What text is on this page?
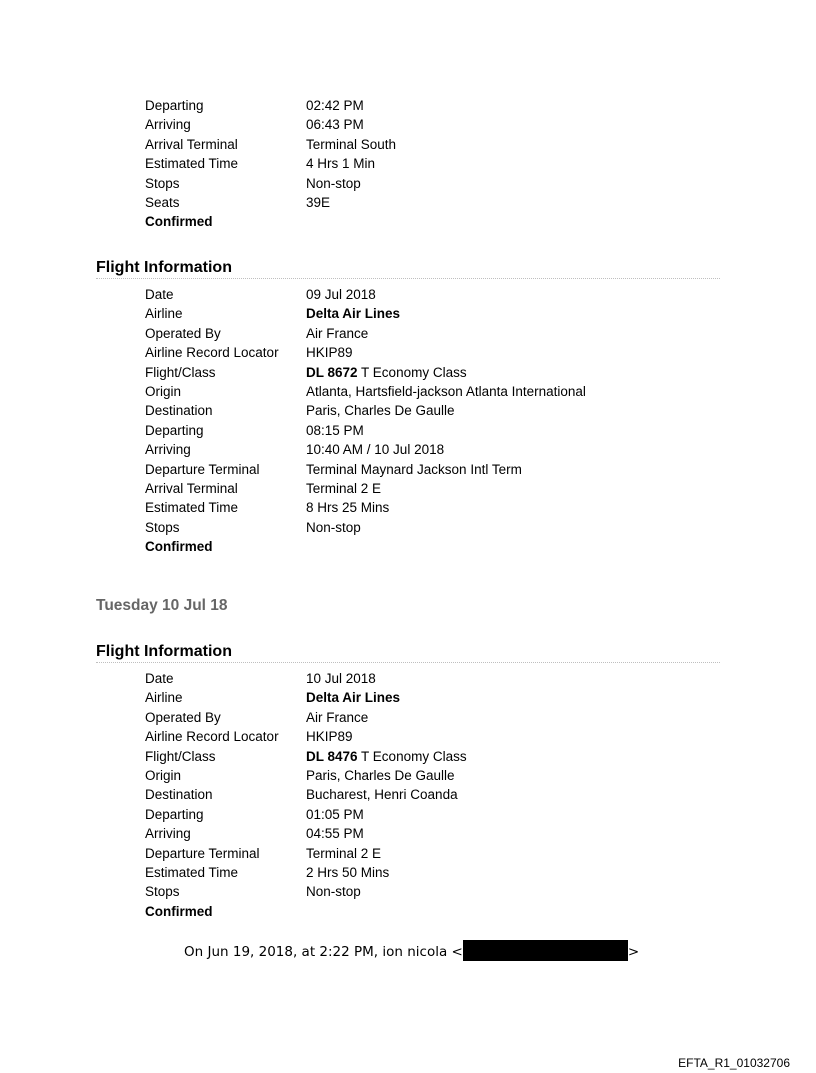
Departing	02:42 PM
Arriving	06:43 PM
Arrival Terminal	Terminal South
Estimated Time	4 Hrs 1 Min
Stops	Non-stop
Seats	39E
Confirmed
Flight Information
Date	09 Jul 2018
Airline	Delta Air Lines
Operated By	Air France
Airline Record Locator HKIP89
Flight/Class	DL 8672 T Economy Class
Origin	Atlanta, Hartsfield-jackson Atlanta International
Destination	Paris, Charles De Gaulle
Departing	08:15 PM
Arriving	10:40 AM / 10 Jul 2018
Departure Terminal	Terminal Maynard Jackson Intl Term
Arrival Terminal	Terminal 2 E
Estimated Time	8 Hrs 25 Mins
Stops	Non-stop
Confirmed
Tuesday 10 Jul 18
Flight Information
Date	10 Jul 2018
Airline	Delta Air Lines
Operated By	Air France
Airline Record Locator HKIP89
Flight/Class	DL 8476 T Economy Class
Origin	Paris, Charles De Gaulle
Destination	Bucharest, Henri Coanda
Departing	01:05 PM
Arriving	04:55 PM
Departure Terminal	Terminal 2 E
Estimated Time	2 Hrs 50 Mins
Stops	Non-stop
Confirmed
On Jun 19, 2018, at 2:22 PM, ion nicola <	>
EFTA_R1_01032706
